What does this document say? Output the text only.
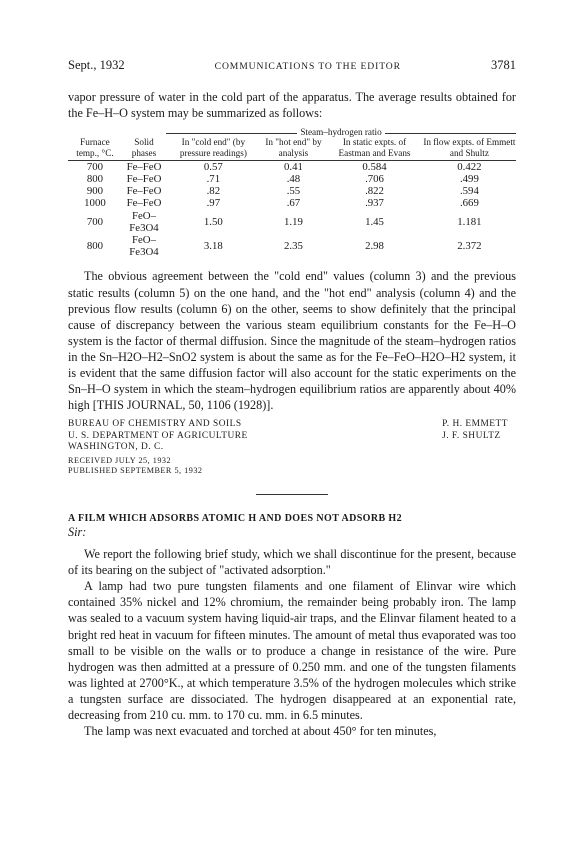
Sept., 1932	COMMUNICATIONS TO THE EDITOR	3781

vapor pressure of water in the cold part of the apparatus. The average results obtained for the Fe–H–O system may be summarized as follows:

Steam–hydrogen ratio			
Furnace temp., °C.	Solid phases	In "cold end" (by pressure readings)	In "hot end" by analysis	In static expts. of Eastman and Evans	In flow expts. of Emmett and Shultz

700	Fe–FeO	0.57	0.41	0.584	0.422
800	Fe–FeO	.71	.48	.706	.499
900	Fe–FeO	.82	.55	.822	.594
1000	Fe–FeO	.97	.67	.937	.669
700	FeO–Fe3O4	1.50	1.19	1.45	1.181
800	FeO–Fe3O4	3.18	2.35	2.98	2.372

The obvious agreement between the "cold end" values (column 3) and the previous static results (column 5) on the one hand, and the "hot end" analysis (column 4) and the previous flow results (column 6) on the other, seems to show definitely that the principal cause of discrepancy between the various steam equilibrium constants for the Fe–H–O system is the factor of thermal diffusion. Since the magnitude of the steam–hydrogen ratios in the Sn–H2O–H2–SnO2 system is about the same as for the Fe–FeO–H2O–H2 system, it is evident that the same diffusion factor will also account for the static experiments on the Sn–H–O system in which the steam–hydrogen equilibrium ratios are apparently about 40% high [THIS JOURNAL, 50, 1106 (1928)].

BUREAU OF CHEMISTRY AND SOILS
U. S. DEPARTMENT OF AGRICULTURE
WASHINGTON, D. C.
RECEIVED JULY 25, 1932
PUBLISHED SEPTEMBER 5, 1932
P. H. EMMETT
J. F. SHULTZ
A FILM WHICH ADSORBS ATOMIC H AND DOES NOT ADSORB H2
Sir:

We report the following brief study, which we shall discontinue for the present, because of its bearing on the subject of "activated adsorption."

A lamp had two pure tungsten filaments and one filament of Elinvar wire which contained 35% nickel and 12% chromium, the remainder being probably iron. The lamp was sealed to a vacuum system having liquid-air traps, and the Elinvar filament heated to a bright red heat in vacuum for fifteen minutes. The amount of metal thus evaporated was too small to be visible on the walls or to produce a change in resistance of the wire. Pure hydrogen was then admitted at a pressure of 0.250 mm. and one of the tungsten filaments was lighted at 2700°K., at which temperature 3.5% of the hydrogen molecules which strike a tungsten surface are dissociated. The hydrogen disappeared at an exponential rate, decreasing from 210 cu. mm. to 170 cu. mm. in 6.5 minutes.

The lamp was next evacuated and torched at about 450° for ten minutes,
